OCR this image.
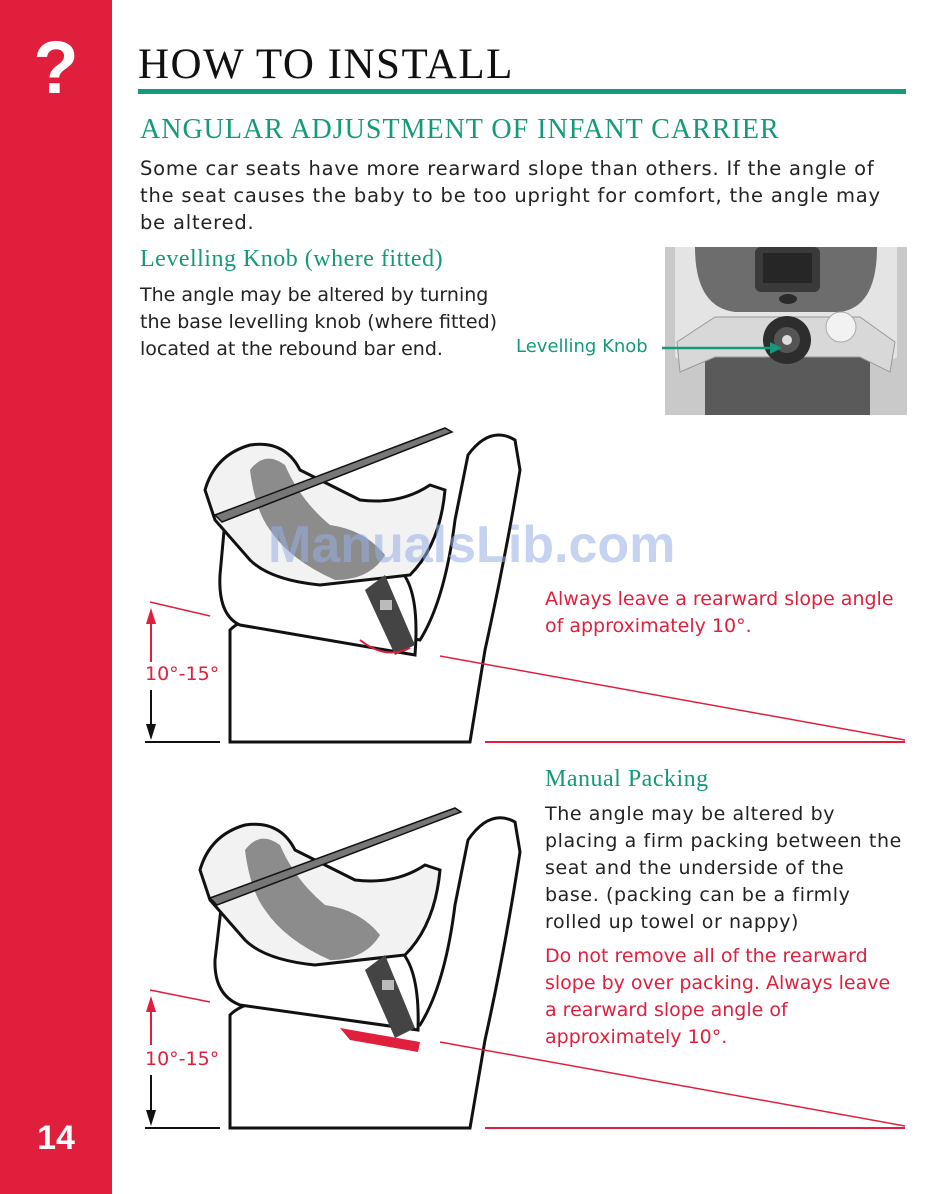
?
14
HOW TO INSTALL
ANGULAR ADJUSTMENT OF INFANT CARRIER

Some car seats have more rearward slope than others. If the angle of the seat causes the baby to be too upright for comfort, the angle may be altered.

Levelling Knob (where fitted)

The angle may be altered by turning the base levelling knob (where fitted) located at the rebound bar end.	Levelling Knob
10°-15°

Always leave a rearward slope angle of approximately 10°.

ManualsLib.com
Manual Packing

The angle may be altered by placing a firm packing between the seat and the underside of the base. (packing can be a firmly rolled up towel or nappy)

Do not remove all of the rearward slope by over packing. Always leave a rearward slope angle of approximately 10°.

10°-15°
